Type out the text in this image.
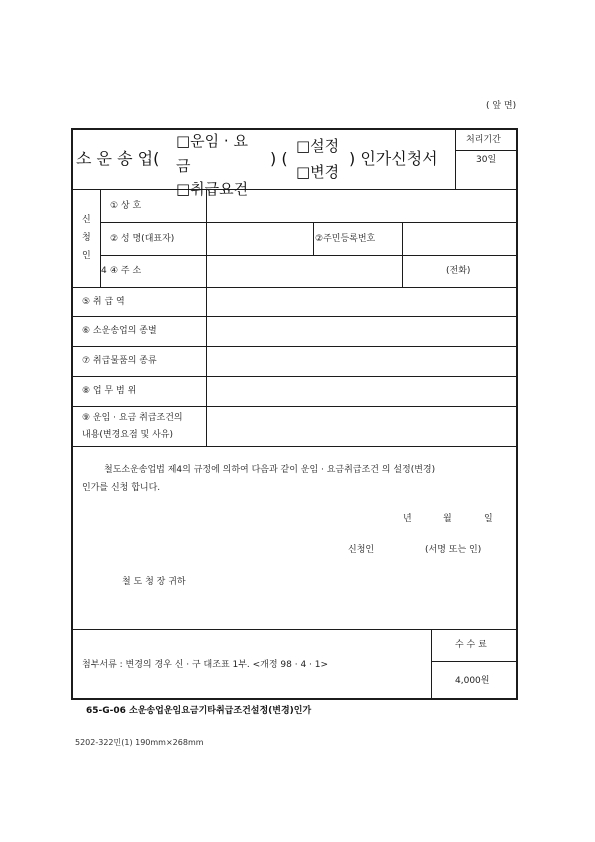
( 앞 면)
소 운 송 업(
□운임 · 요
금
□취급요건
) (
□설정
□변경
) 인가신청서
처리기간
30일
신
청
인
① 상 호
② 성 명(대표자)	②주민등록번호
4 ④ 주 소	(전화)
⑤ 취 급 역
⑥ 소운송업의 종별
⑦ 취급물품의 종류
⑧ 업 무 범 위
⑨ 운임 · 요금 취급조건의
내용(변경요점 및 사유)
철도소운송업법 제4의 규정에 의하여 다음과 같이 운임 · 요금취급조건 의 설정(변경)
인가를 신청 합니다.
년	월	일
신청인	(서명 또는 인)
철 도 청 장 귀하
첨부서류 : 변경의 경우 신 · 구 대조표 1부. <개정 98 · 4 · 1>
수 수 료
4,000원
65-G-06 소운송업운임요금기타취급조건설정(변경)인가
5202-322민(1) 190mm×268mm
